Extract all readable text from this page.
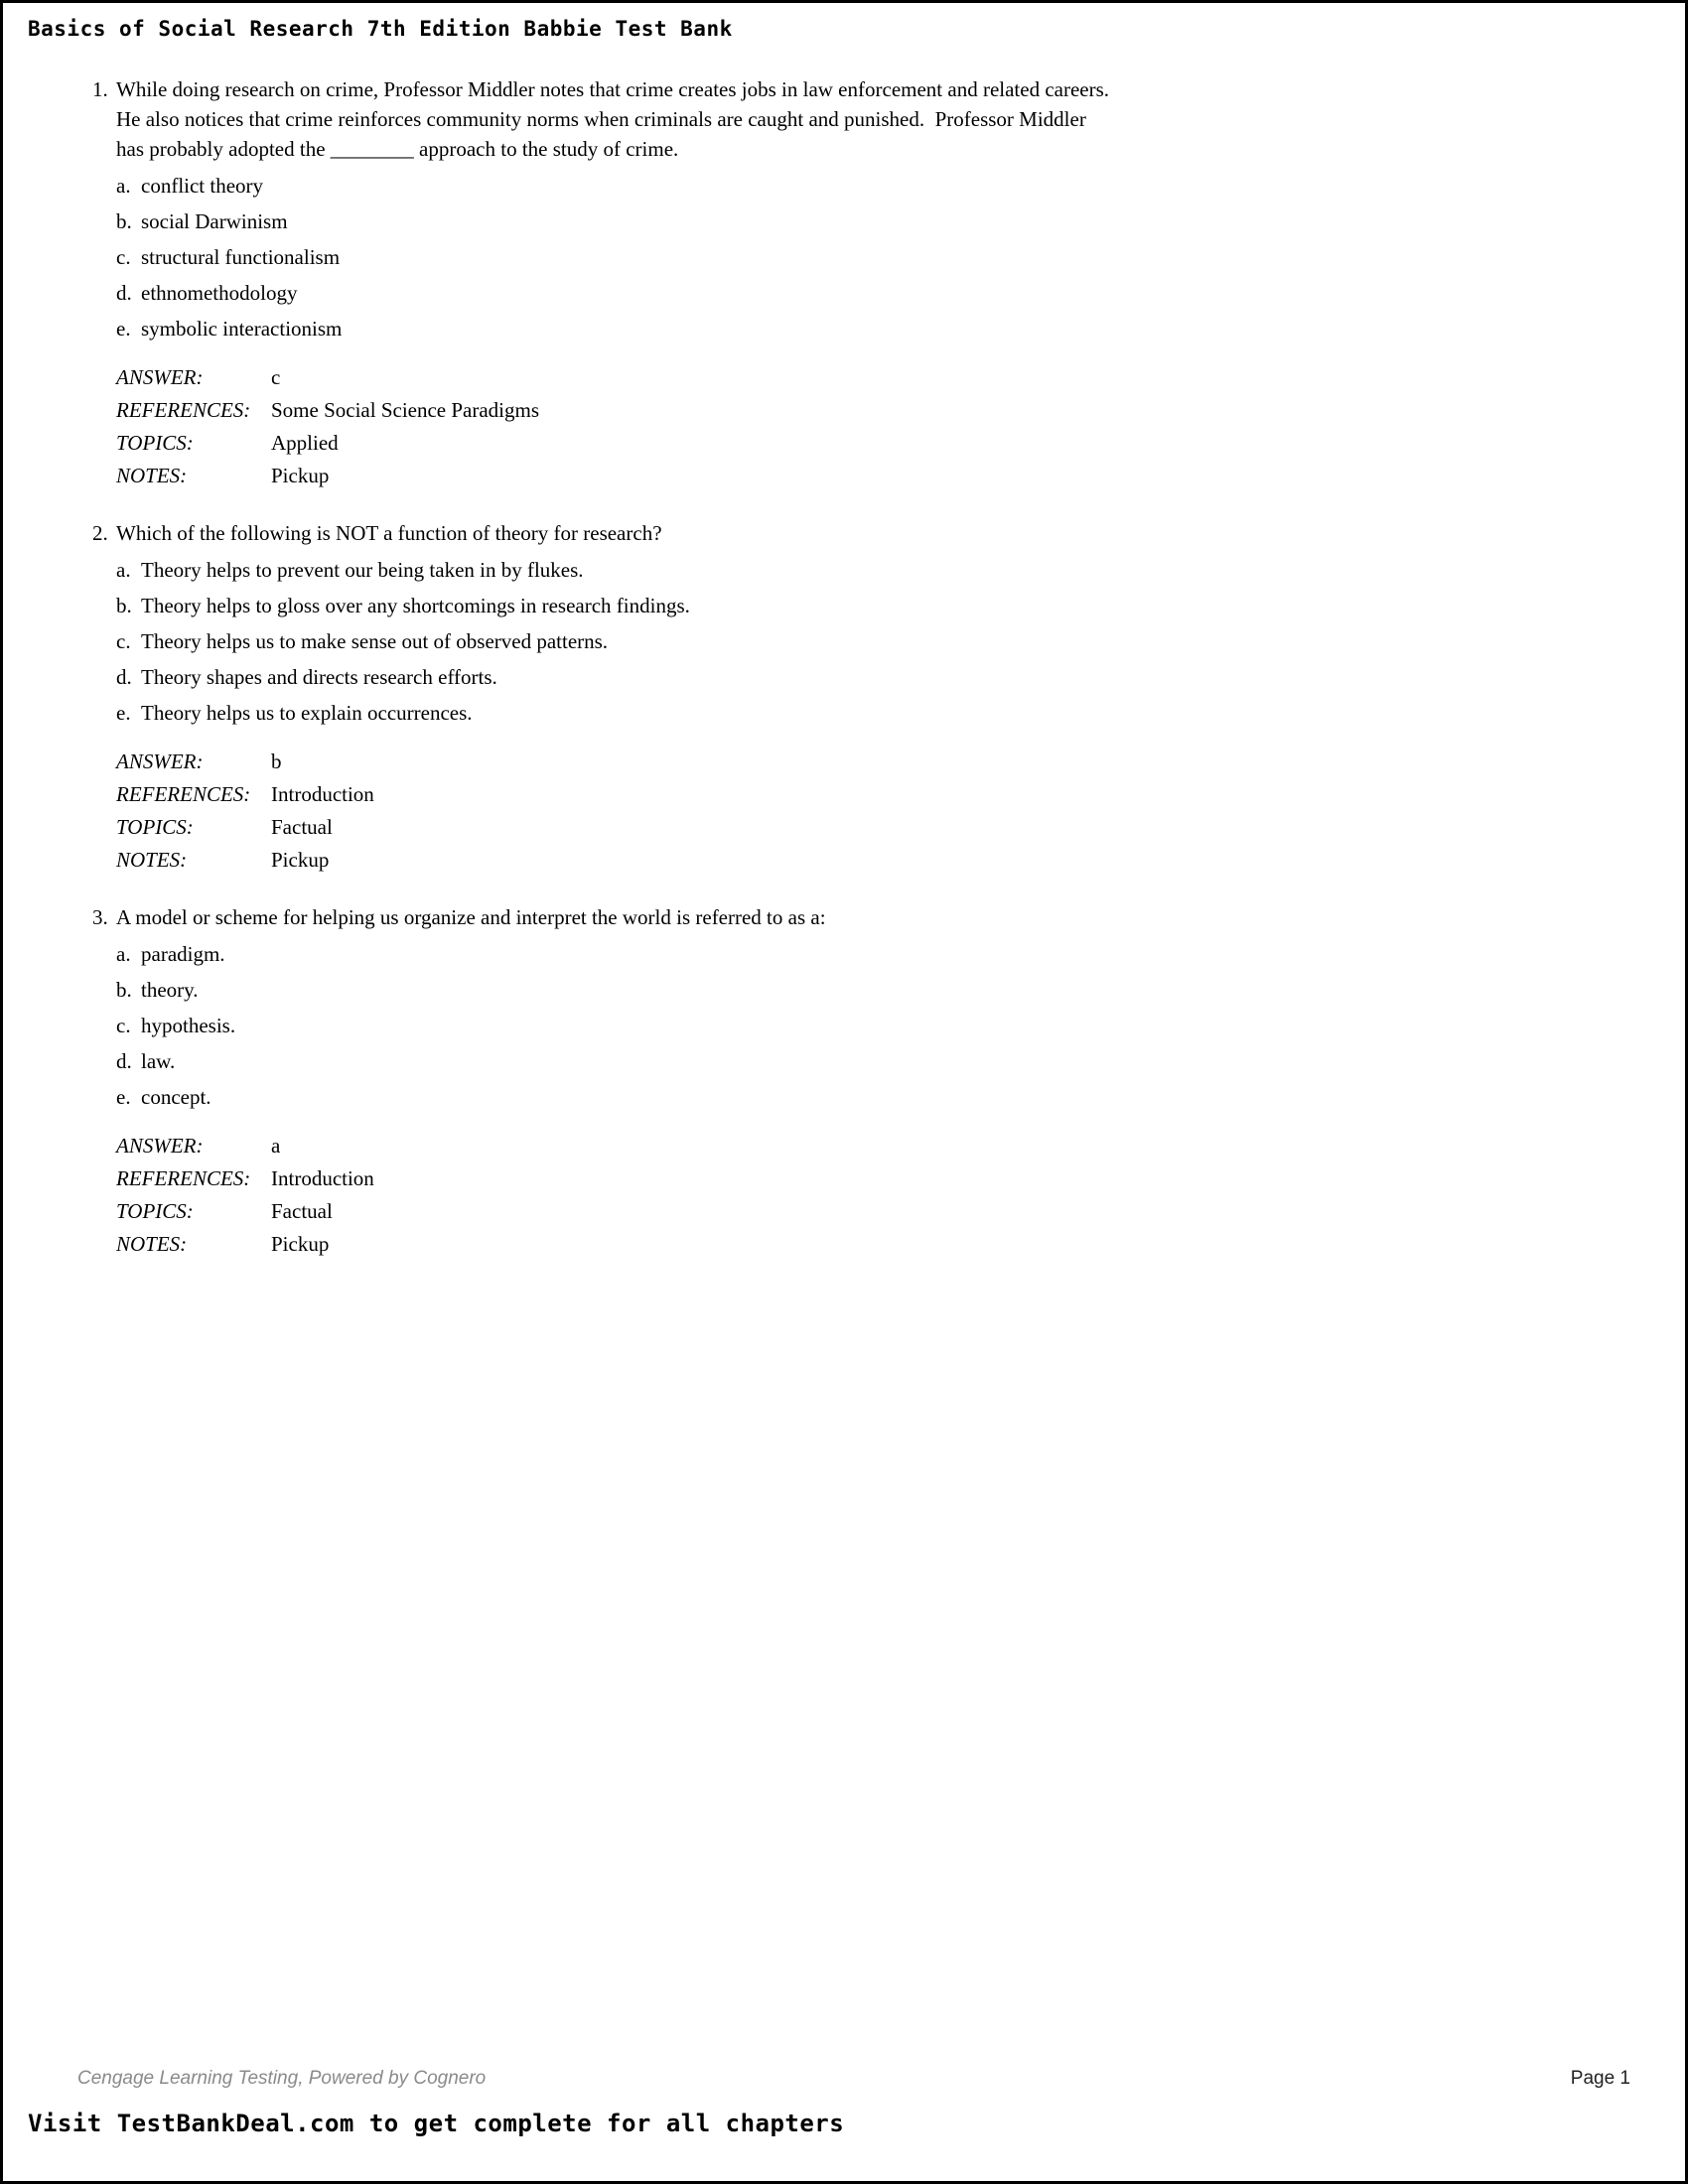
Basics of Social Research 7th Edition Babbie Test Bank
1. While doing research on crime, Professor Middler notes that crime creates jobs in law enforcement and related careers.  He also notices that crime reinforces community norms when criminals are caught and punished.  Professor Middler has probably adopted the ________ approach to the study of crime.
a. conflict theory
b. social Darwinism
c. structural functionalism
d. ethnomethodology
e. symbolic interactionism
ANSWER:	c
REFERENCES: Some Social Science Paradigms
TOPICS:	Applied
NOTES:	Pickup
2. Which of the following is NOT a function of theory for research?
a. Theory helps to prevent our being taken in by flukes.
b. Theory helps to gloss over any shortcomings in research findings.
c. Theory helps us to make sense out of observed patterns.
d. Theory shapes and directs research efforts.
e. Theory helps us to explain occurrences.
ANSWER:	b
REFERENCES: Introduction
TOPICS:	Factual
NOTES:	Pickup
3. A model or scheme for helping us organize and interpret the world is referred to as a:
a. paradigm.
b. theory.
c. hypothesis.
d. law.
e. concept.
ANSWER:	a
REFERENCES: Introduction
TOPICS:	Factual
NOTES:	Pickup
Cengage Learning Testing, Powered by Cognero	Page 1
Visit TestBankDeal.com to get complete for all chapters
